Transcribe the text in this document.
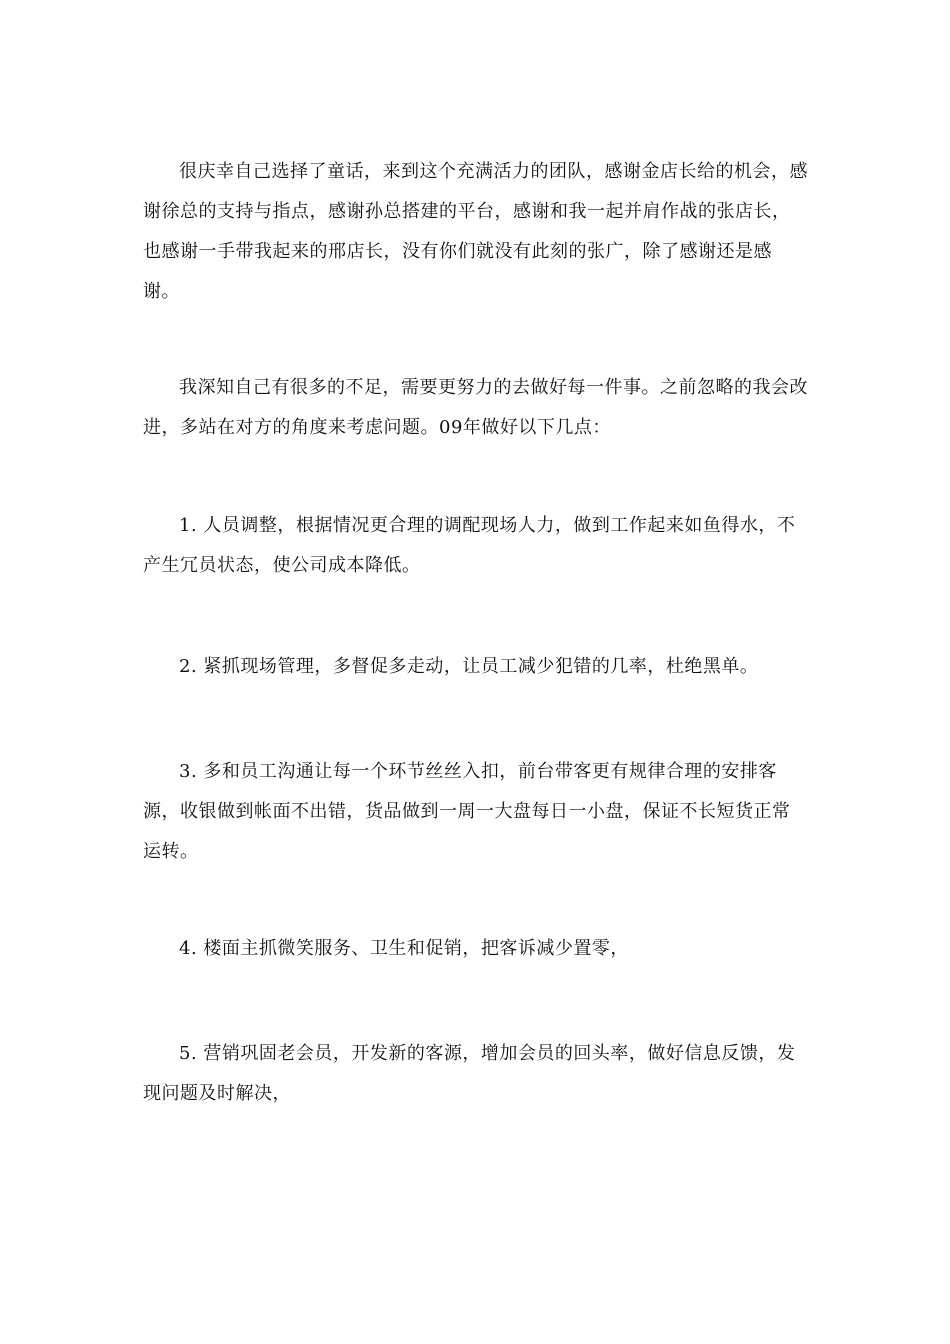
很庆幸自己选择了童话，来到这个充满活力的团队，感谢金店长给的机会，感谢徐总的支持与指点，感谢孙总搭建的平台，感谢和我一起并肩作战的张店长，也感谢一手带我起来的邢店长，没有你们就没有此刻的张广，除了感谢还是感谢。

我深知自己有很多的不足，需要更努力的去做好每一件事。之前忽略的我会改进，多站在对方的角度来考虑问题。09年做好以下几点：

1. 人员调整，根据情况更合理的调配现场人力，做到工作起来如鱼得水，不产生冗员状态，使公司成本降低。

2. 紧抓现场管理，多督促多走动，让员工减少犯错的几率，杜绝黑单。

3. 多和员工沟通让每一个环节丝丝入扣，前台带客更有规律合理的安排客源，收银做到帐面不出错，货品做到一周一大盘每日一小盘，保证不长短货正常运转。

4. 楼面主抓微笑服务、卫生和促销，把客诉减少置零，

5. 营销巩固老会员，开发新的客源，增加会员的回头率，做好信息反馈，发现问题及时解决，
